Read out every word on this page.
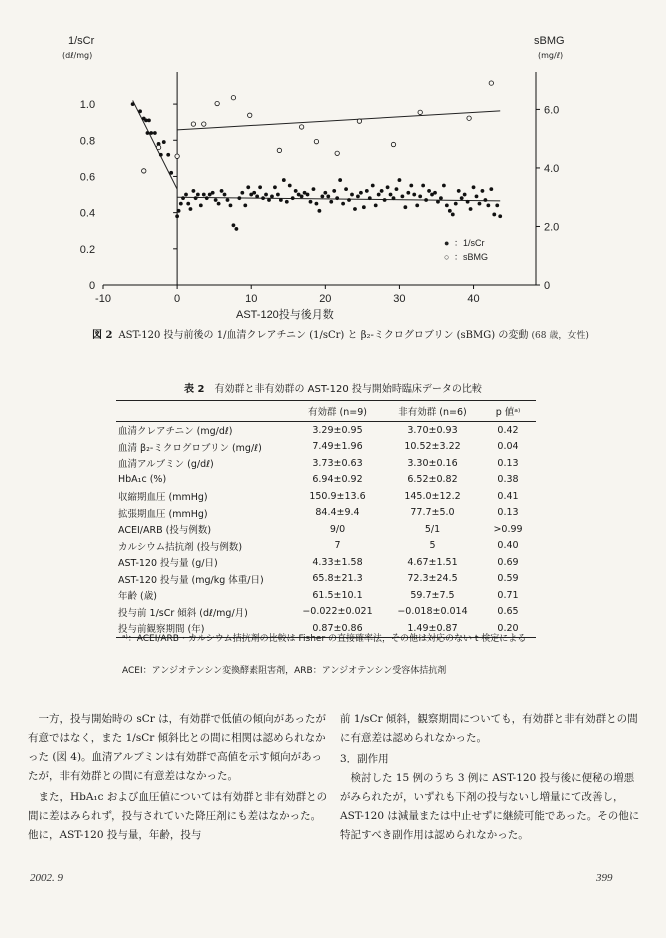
-10	0	10	20	30	40
0
0.2
0.4
0.6
0.8
1.0
0
2.0
4.0
6.0
1/sCr
(dℓ/mg)
sBMG
(mg/ℓ)
AST-120投与後月数
● ：1/sCr
○ ：sBMG
図 2 AST-120 投与前後の 1/血清クレアチニン (1/sCr) と β₂-ミクログロブリン (sBMG) の変動 (68 歳，女性)
表 2 有効群と非有効群の AST-120 投与開始時臨床データの比較
	有効群 (n=9)	非有効群 (n=6)	p 値ᵃ⁾
血清クレアチニン (mg/dℓ)	3.29±0.95	3.70±0.93	0.42
血清 β₂-ミクログロブリン (mg/ℓ)	7.49±1.96	10.52±3.22	0.04
血清アルブミン (g/dℓ)	3.73±0.63	3.30±0.16	0.13
HbA₁c (%)	6.94±0.92	6.52±0.82	0.38
収縮期血圧 (mmHg)	150.9±13.6	145.0±12.2	0.41
拡張期血圧 (mmHg)	84.4±9.4	77.7±5.0	0.13
ACEI/ARB (投与例数)	9/0	5/1	>0.99
カルシウム拮抗剤 (投与例数)	7	5	0.40
AST-120 投与量 (g/日)	4.33±1.58	4.67±1.51	0.69
AST-120 投与量 (mg/kg 体重/日)	65.8±21.3	72.3±24.5	0.59
年齢 (歳)	61.5±10.1	59.7±7.5	0.71
投与前 1/sCr 傾斜 (dℓ/mg/月)	−0.022±0.021	−0.018±0.014	0.65
投与前観察期間 (年)	0.87±0.86	1.49±0.87	0.20
ᵃ⁾：ACEI/ARB・カルシウム拮抗剤の比較は Fisher の直接確率法，その他は対応のない t 検定による
ACEI：アンジオテンシン変換酵素阻害剤，ARB：アンジオテンシン受容体拮抗剤

一方，投与開始時の sCr は，有効群で低値の傾向があったが有意ではなく，また 1/sCr 傾斜比との間に相関は認められなかった (図 4)。血清アルブミンは有効群で高値を示す傾向があったが，非有効群との間に有意差はなかった。

また，HbA₁c および血圧値については有効群と非有効群との間に差はみられず，投与されていた降圧剤にも差はなかった。他に，AST-120 投与量，年齢，投与

前 1/sCr 傾斜，観察期間についても，有効群と非有効群との間に有意差は認められなかった。

3．副作用

検討した 15 例のうち 3 例に AST-120 投与後に便秘の増悪がみられたが，いずれも下剤の投与ないし増量にて改善し，AST-120 は減量または中止せずに継続可能であった。その他に特記すべき副作用は認められなかった。

2002. 9	399
